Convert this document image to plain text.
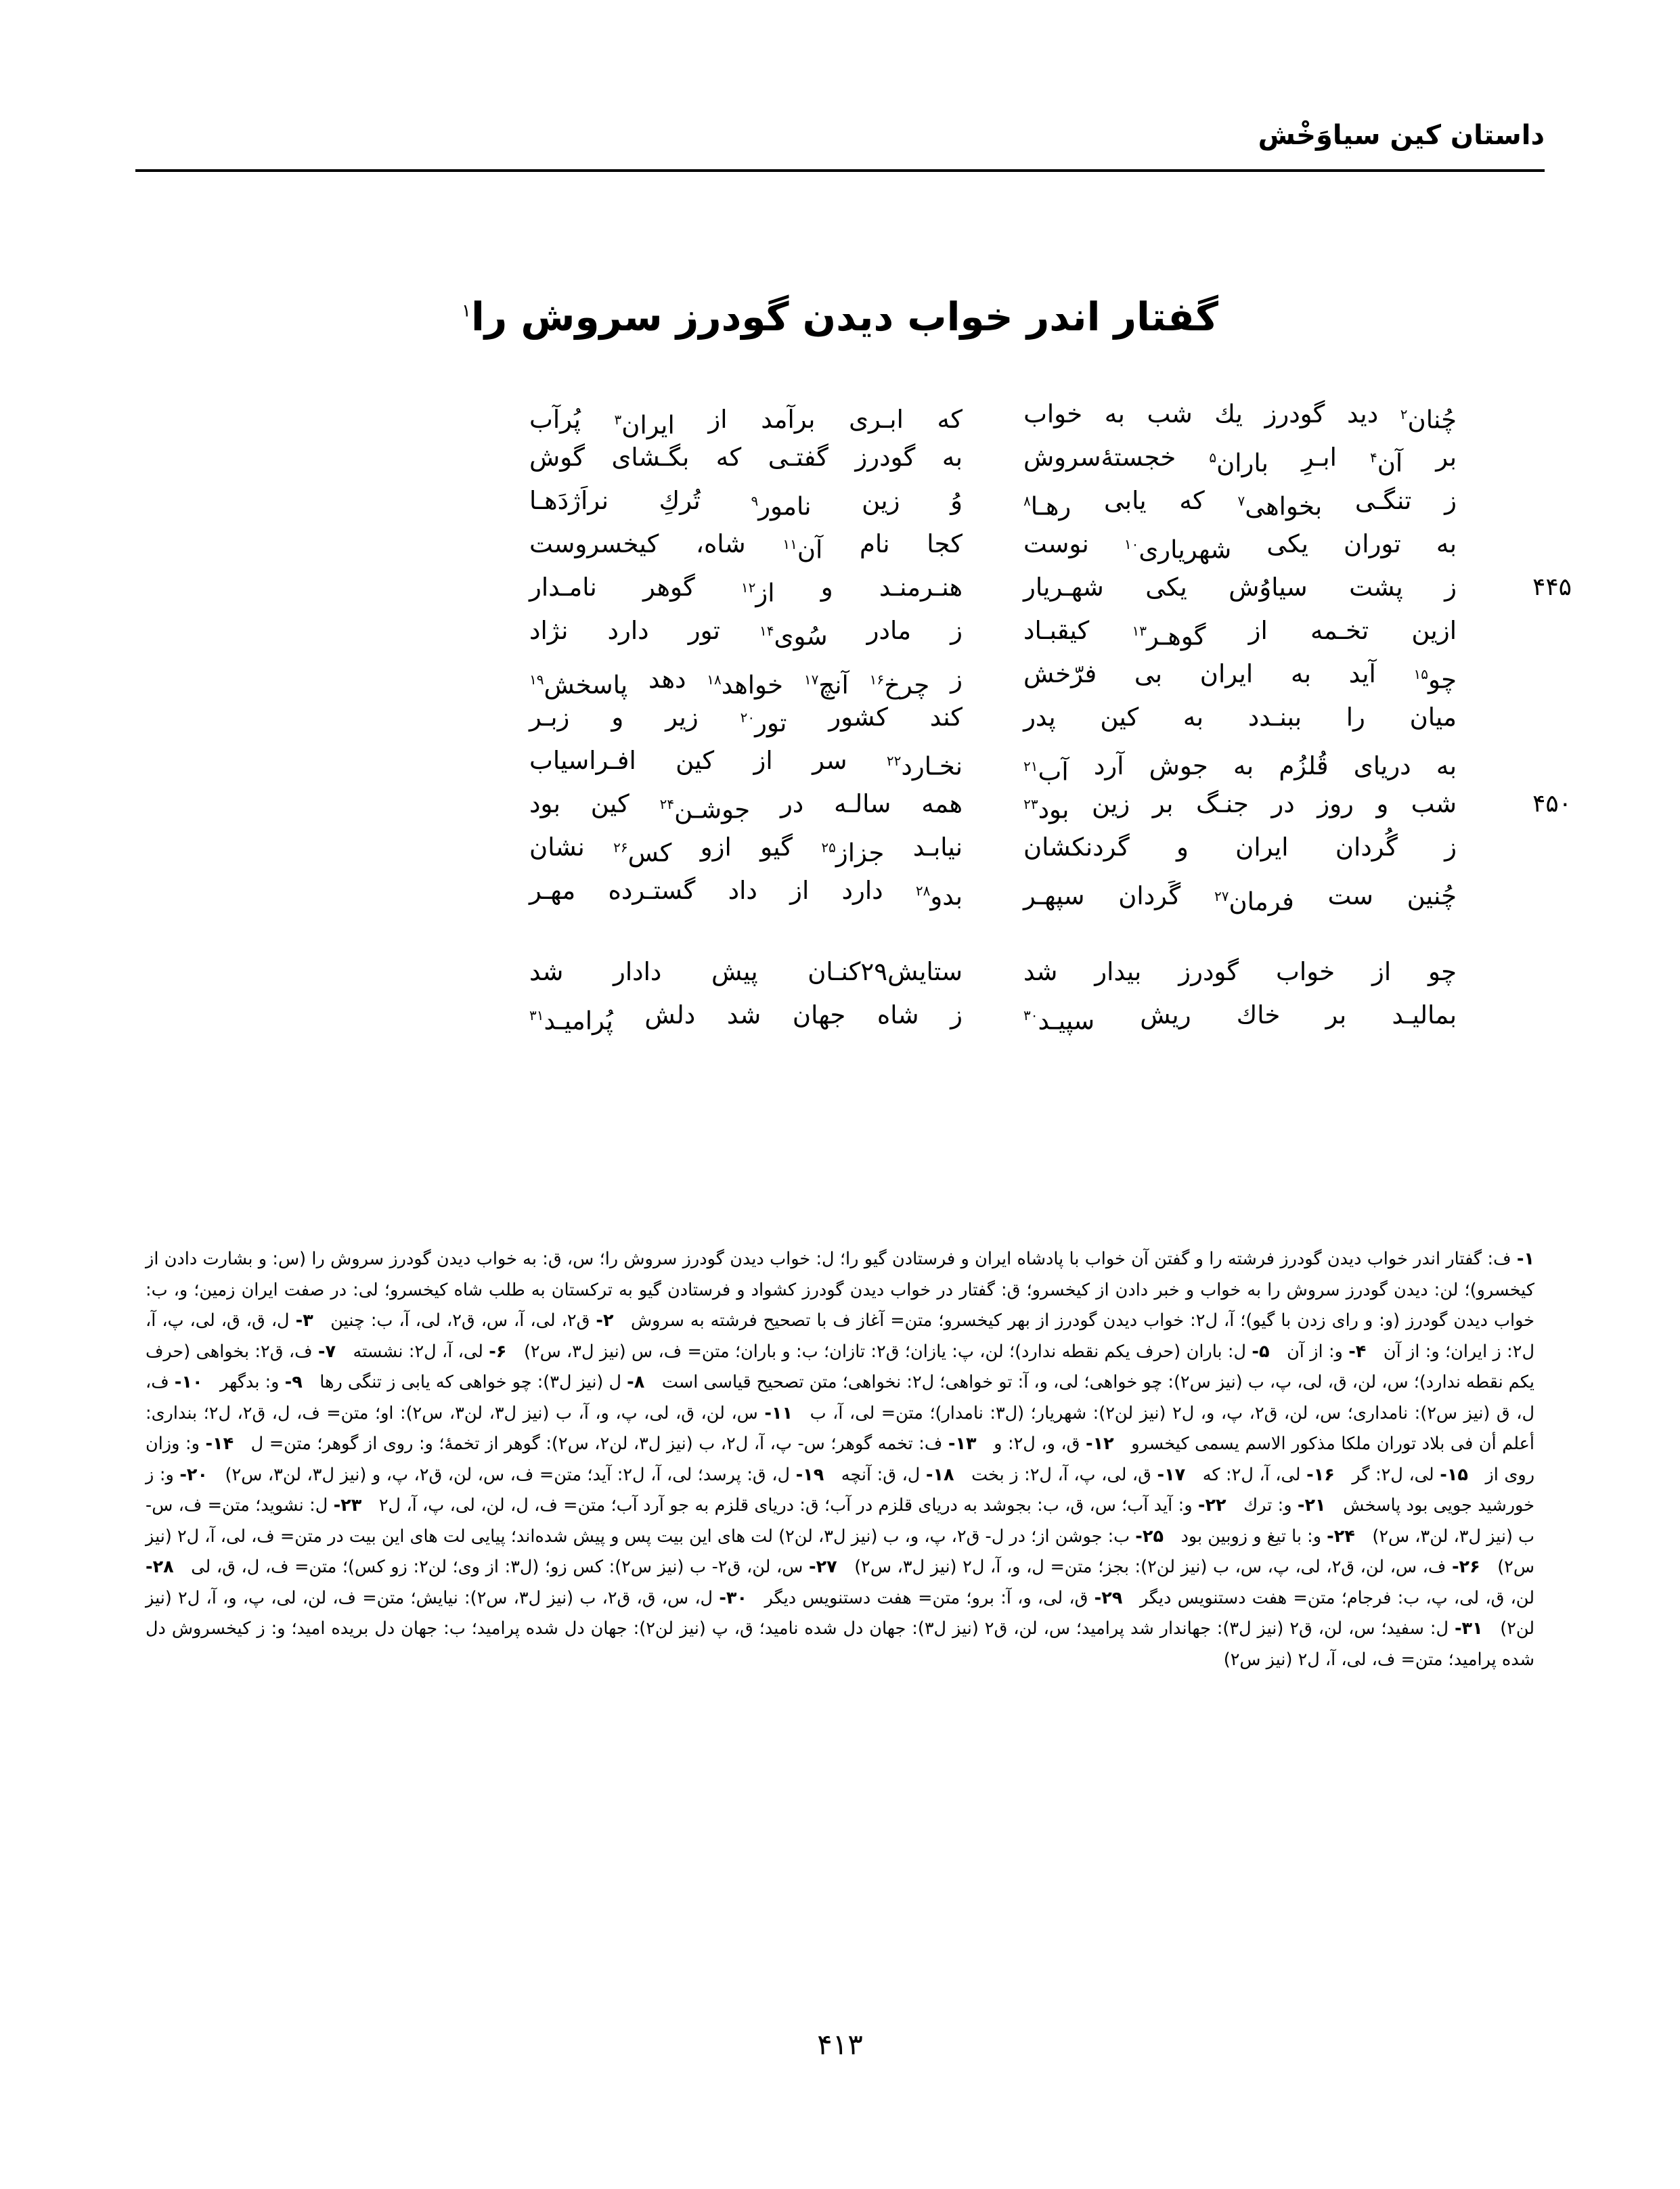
داستان کین سیاوَخْش
گفتار اندر خواب دیدن گودرز سروش را$^۱$
چُنان$^۲$
دید
گودرز
یك
شب
به
خواب
که
ابـری
برآمد
از
ایران$^۳$
پُرآب
بر
آن$^۴$
ابـرِ
باران$^۵$
خجسته‌ٔسروش
به
گودرز
گفتـی
که
بگـشای
گوش
ز
تنگـی
بخواهی$^۷$
که
یابی
رهـا$^۸$
وُ
زین
نامور$^۹$
تُركِ
نراَژدَهـا
به
توران
یکی
شهریاری$^{۱۰}$
نوست
کجا
نام
آن$^{۱۱}$
شاه،
کیخسروست
ز
پشت
سیاوُش
یکی
شهـریار
هنـرمنـد
و
از$^{۱۲}$
گوهر
نامـدار	۴۴۵
ازین
تخـمه
از
گوهـر$^{۱۳}$
کیقبـاد
ز
مادر
سُوی$^{۱۴}$
تور
دارد
نژاد
چو$^{۱۵}$
آید
به
ایران
بی
فرّخش
ز
چرخ$^{۱۶}$
آنچ$^{۱۷}$
خواهد$^{۱۸}$
دهد
پاسخش$^{۱۹}$
میان
را
ببنـدد
به
کین
پدر
کند
کشور
تور$^{۲۰}$
زیر
و
زبـر
به
دریای
قُلزُم
به
جوش
آرد
آب$^{۲۱}$
نخـارد$^{۲۲}$
سر
از
کین
افـراسیاب
شب
و
روز
در
جنـگ
بر
زین
بود$^{۲۳}$
همه
سالـه
در
جوشـن$^{۲۴}$
کین
بود	۴۵۰
ز
گُردان
ایران
و
گردنکشان
نیابـد
جزاز$^{۲۵}$
گیو
ازو
کس$^{۲۶}$
نشان
چُنین
ست
فرمان$^{۲۷}$
گَردان
سپهـر
بدو$^{۲۸}$
دارد
از
داد
گستـرده
مهـر
چو
از
خواب
گودرز
بیدار
شد
ستایش۲۹کنـان
پیش
دادار
شد
بمالیـد
بر
خاك
ریش
سپیـد$^{۳۰}$
ز
شاه
جهان
شد
دلش
پُرامیـد$^{۳۱}$
۱- ف: گفتار اندر خواب دیدن گودرز فرشته را و گفتن آن خواب با پادشاه ایران و فرستادن گیو را؛ ل: خواب دیدن گودرز سروش را؛ س، ق: به خواب دیدن گودرز سروش را (س: و بشارت دادن از کیخسرو)؛ لن: دیدن گودرز سروش را به خواب و خبر دادن از کیخسرو؛ ق: گفتار در خواب دیدن گودرز کشواد و فرستادن گیو به ترکستان به طلب شاه کیخسرو؛ لی: در صفت ایران زمین؛ و، ب: خواب دیدن گودرز (و: و رای زدن با گیو)؛ آ، ل۲: خواب دیدن گودرز از بهر کیخسرو؛ متن= آغاز ف با تصحیح فرشته به سروش  ۲- ق۲، لی، آ، س، ق۲، لی، آ، ب: چنین  ۳- ل، ق، ق، لی، پ، آ، ل۲: ز ایران؛ و: از آن  ۴- و: از آن  ۵- ل: باران (حرف یکم نقطه ندارد)؛ لن، پ: یازان؛ ق۲: تازان؛ ب: و باران؛ متن= ف، س (نیز ل۳، س۲)  ۶- لی، آ، ل۲: نشسته  ۷- ف، ق۲: بخواهی (حرف یکم نقطه ندارد)؛ س، لن، ق، لی، پ، ب (نیز س۲): چو خواهی؛ لی، و، آ: تو خواهی؛ ل۲: نخواهی؛ متن تصحیح قیاسی است  ۸- ل (نیز ل۳): چو خواهی که یابی ز تنگی رها  ۹- و: بدگهر  ۱۰- ف، ل، ق (نیز س۲): نامداری؛ س، لن، ق۲، پ، و، ل۲ (نیز لن۲): شهریار؛ (ل۳: نامدار)؛ متن= لی، آ، ب  ۱۱- س، لن، ق، لی، پ، و، آ، ب (نیز ل۳، لن۳، س۲): او؛ متن= ف، ل، ق۲، ل۲؛ بنداری: أعلم أن فی بلاد توران ملکا مذکور الاسم یسمی کیخسرو  ۱۲- ق، و، ل۲: و  ۱۳- ف: تخمه گوهر؛ س- پ، آ، ل۲، ب (نیز ل۳، لن۲، س۲): گوهر از تخمهٔ؛ و: روی از گوهر؛ متن= ل  ۱۴- و: وزان روی از  ۱۵- لی، ل۲: گر  ۱۶- لی، آ، ل۲: که  ۱۷- ق، لی، پ، آ، ل۲: ز بخت  ۱۸- ل، ق: آنچه  ۱۹- ل، ق: پرسد؛ لی، آ، ل۲: آید؛ متن= ف، س، لن، ق۲، پ، و (نیز ل۳، لن۳، س۲)  ۲۰- و: ز خورشید جویی بود پاسخش  ۲۱- و: ترك  ۲۲- و: آید آب؛ س، ق، ب: بجوشد به دریای قلزم در آب؛ ق: دریای قلزم به جو آرد آب؛ متن= ف، ل، لن، لی، پ، آ، ل۲  ۲۳- ل: نشوید؛ متن= ف، س- ب (نیز ل۳، لن۳، س۲)  ۲۴- و: با تیغ و زوبین بود  ۲۵- ب: جوشن از؛ در ل- ق۲، پ، و، ب (نیز ل۳، لن۲) لت های این بیت پس و پیش شده‌اند؛ پیایی لت های این بیت در متن= ف، لی، آ، ل۲ (نیز س۲)  ۲۶- ف، س، لن، ق۲، لی، پ، س، ب (نیز لن۲): بجز؛ متن= ل، و، آ، ل۲ (نیز ل۳، س۲)  ۲۷- س، لن، ق۲- ب (نیز س۲): کس زو؛ (ل۳: از وی؛ لن۲: زو کس)؛ متن= ف، ل، ق، لی  ۲۸- لن، ق، لی، پ، ب: فرجام؛ متن= هفت دستنویس دیگر  ۲۹- ق، لی، و، آ: برو؛ متن= هفت دستنویس دیگر  ۳۰- ل، س، ق، ق۲، ب (نیز ل۳، س۲): نیایش؛ متن= ف، لن، لی، پ، و، آ، ل۲ (نیز لن۲)  ۳۱- ل: سفید؛ س، لن، ق۲ (نیز ل۳): جهاندار شد پرامید؛ س، لن، ق۲ (نیز ل۳): جهان دل شده نامید؛ ق، پ (نیز لن۲): جهان دل شده پرامید؛ ب: جهان دل بریده امید؛ و: ز کیخسروش دل شده پرامید؛ متن= ف، لی، آ، ل۲ (نیز س۲)
۴۱۳
